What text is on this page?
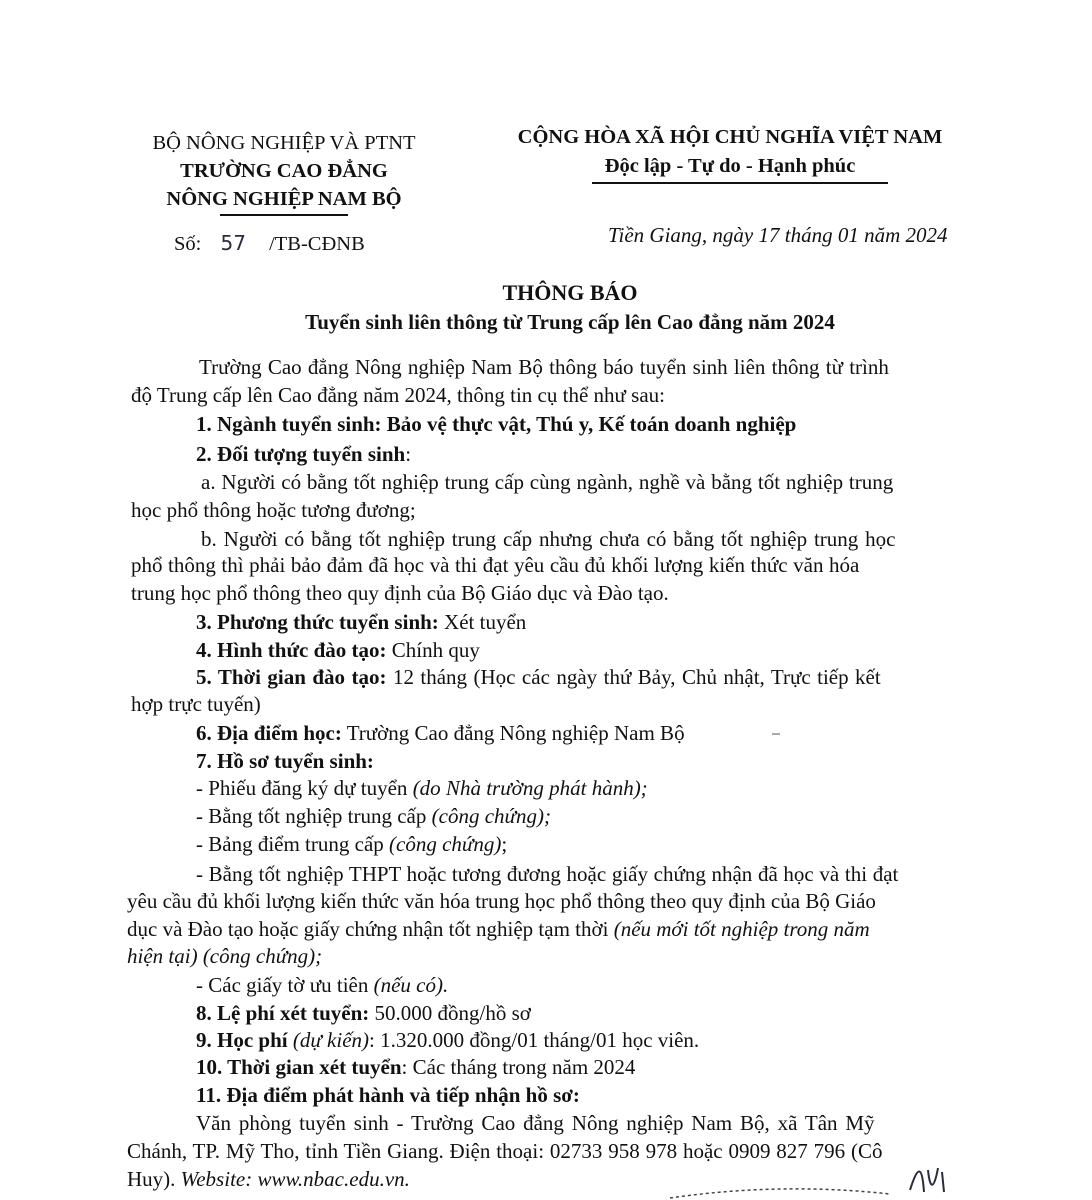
BỘ NÔNG NGHIỆP VÀ PTNT
TRƯỜNG CAO ĐẲNG
NÔNG NGHIỆP NAM BỘ
Số: 57 /TB-CĐNB
CỘNG HÒA XÃ HỘI CHỦ NGHĨA VIỆT NAM
Độc lập - Tự do - Hạnh phúc
Tiền Giang, ngày 17 tháng 01 năm 2024
THÔNG BÁO
Tuyển sinh liên thông từ Trung cấp lên Cao đẳng năm 2024
Trường Cao đẳng Nông nghiệp Nam Bộ thông báo tuyển sinh liên thông từ trình
độ Trung cấp lên Cao đẳng năm 2024, thông tin cụ thể như sau:
1. Ngành tuyển sinh: Bảo vệ thực vật, Thú y, Kế toán doanh nghiệp
2. Đối tượng tuyển sinh:
a. Người có bằng tốt nghiệp trung cấp cùng ngành, nghề và bằng tốt nghiệp trung
học phổ thông hoặc tương đương;
b. Người có bằng tốt nghiệp trung cấp nhưng chưa có bằng tốt nghiệp trung học
phổ thông thì phải bảo đảm đã học và thi đạt yêu cầu đủ khối lượng kiến thức văn hóa
trung học phổ thông theo quy định của Bộ Giáo dục và Đào tạo.
3. Phương thức tuyển sinh: Xét tuyển
4. Hình thức đào tạo: Chính quy
5. Thời gian đào tạo: 12 tháng (Học các ngày thứ Bảy, Chủ nhật, Trực tiếp kết
hợp trực tuyến)
6. Địa điểm học: Trường Cao đẳng Nông nghiệp Nam Bộ
7. Hồ sơ tuyển sinh:
- Phiếu đăng ký dự tuyển (do Nhà trường phát hành);
- Bằng tốt nghiệp trung cấp (công chứng);
- Bảng điểm trung cấp (công chứng);
- Bằng tốt nghiệp THPT hoặc tương đương hoặc giấy chứng nhận đã học và thi đạt
yêu cầu đủ khối lượng kiến thức văn hóa trung học phổ thông theo quy định của Bộ Giáo
dục và Đào tạo hoặc giấy chứng nhận tốt nghiệp tạm thời (nếu mới tốt nghiệp trong năm
hiện tại) (công chứng);
- Các giấy tờ ưu tiên (nếu có).
8. Lệ phí xét tuyển: 50.000 đồng/hồ sơ
9. Học phí (dự kiến): 1.320.000 đồng/01 tháng/01 học viên.
10. Thời gian xét tuyển: Các tháng trong năm 2024
11. Địa điểm phát hành và tiếp nhận hồ sơ:
Văn phòng tuyển sinh - Trường Cao đẳng Nông nghiệp Nam Bộ, xã Tân Mỹ
Chánh, TP. Mỹ Tho, tỉnh Tiền Giang. Điện thoại: 02733 958 978 hoặc 0909 827 796 (Cô
Huy). Website: www.nbac.edu.vn.
